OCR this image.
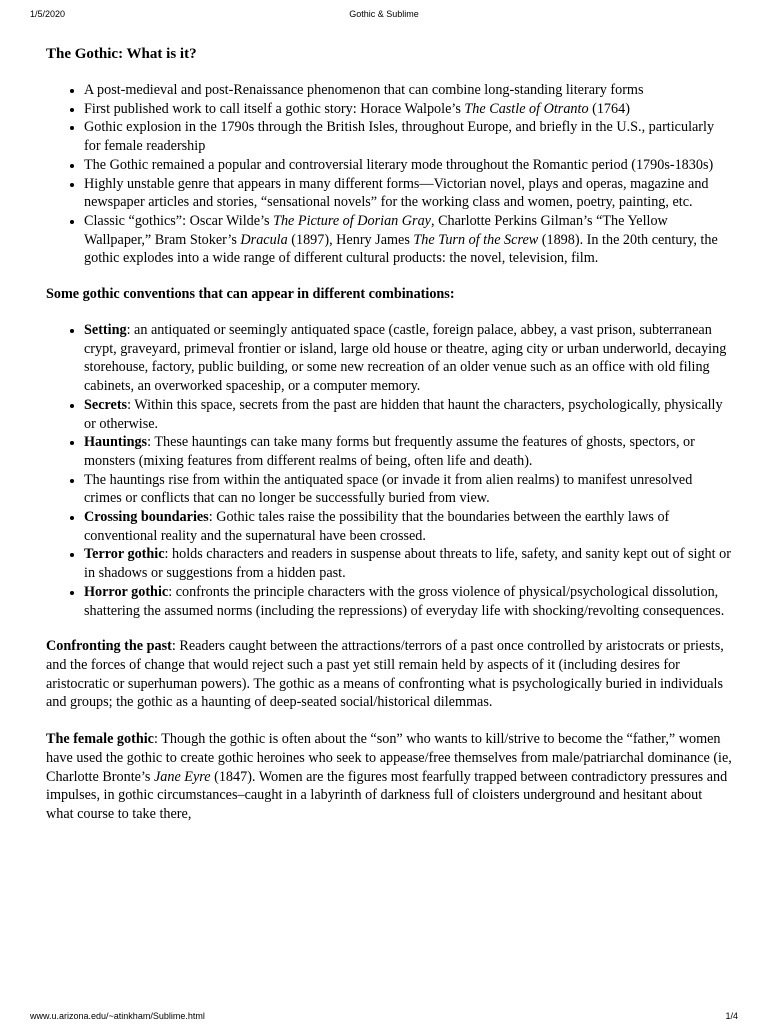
1/5/2020	Gothic & Sublime
The Gothic: What is it?
• A post-medieval and post-Renaissance phenomenon that can combine long-standing literary forms
• First published work to call itself a gothic story: Horace Walpole’s The Castle of Otranto (1764)
• Gothic explosion in the 1790s through the British Isles, throughout Europe, and briefly in the U.S., particularly for female readership
• The Gothic remained a popular and controversial literary mode throughout the Romantic period (1790s-1830s)
• Highly unstable genre that appears in many different forms—Victorian novel, plays and operas, magazine and newspaper articles and stories, “sensational novels” for the working class and women, poetry, painting, etc.
• Classic “gothics”: Oscar Wilde’s The Picture of Dorian Gray, Charlotte Perkins Gilman’s “The Yellow Wallpaper,” Bram Stoker’s Dracula (1897), Henry James The Turn of the Screw (1898). In the 20th century, the gothic explodes into a wide range of different cultural products: the novel, television, film.
Some gothic conventions that can appear in different combinations:
• Setting: an antiquated or seemingly antiquated space (castle, foreign palace, abbey, a vast prison, subterranean crypt, graveyard, primeval frontier or island, large old house or theatre, aging city or urban underworld, decaying storehouse, factory, public building, or some new recreation of an older venue such as an office with old filing cabinets, an overworked spaceship, or a computer memory.
• Secrets: Within this space, secrets from the past are hidden that haunt the characters, psychologically, physically or otherwise.
• Hauntings: These hauntings can take many forms but frequently assume the features of ghosts, spectors, or monsters (mixing features from different realms of being, often life and death).
• The hauntings rise from within the antiquated space (or invade it from alien realms) to manifest unresolved crimes or conflicts that can no longer be successfully buried from view.
• Crossing boundaries: Gothic tales raise the possibility that the boundaries between the earthly laws of conventional reality and the supernatural have been crossed.
• Terror gothic: holds characters and readers in suspense about threats to life, safety, and sanity kept out of sight or in shadows or suggestions from a hidden past.
• Horror gothic: confronts the principle characters with the gross violence of physical/psychological dissolution, shattering the assumed norms (including the repressions) of everyday life with shocking/revolting consequences.

Confronting the past: Readers caught between the attractions/terrors of a past once controlled by aristocrats or priests, and the forces of change that would reject such a past yet still remain held by aspects of it (including desires for aristocratic or superhuman powers). The gothic as a means of confronting what is psychologically buried in individuals and groups; the gothic as a haunting of deep-seated social/historical dilemmas.

The female gothic: Though the gothic is often about the “son” who wants to kill/strive to become the “father,” women have used the gothic to create gothic heroines who seek to appease/free themselves from male/patriarchal dominance (ie, Charlotte Bronte’s Jane Eyre (1847). Women are the figures most fearfully trapped between contradictory pressures and impulses, in gothic circumstances–caught in a labyrinth of darkness full of cloisters underground and hesitant about what course to take there,

www.u.arizona.edu/~atinkham/Sublime.html	1/4
